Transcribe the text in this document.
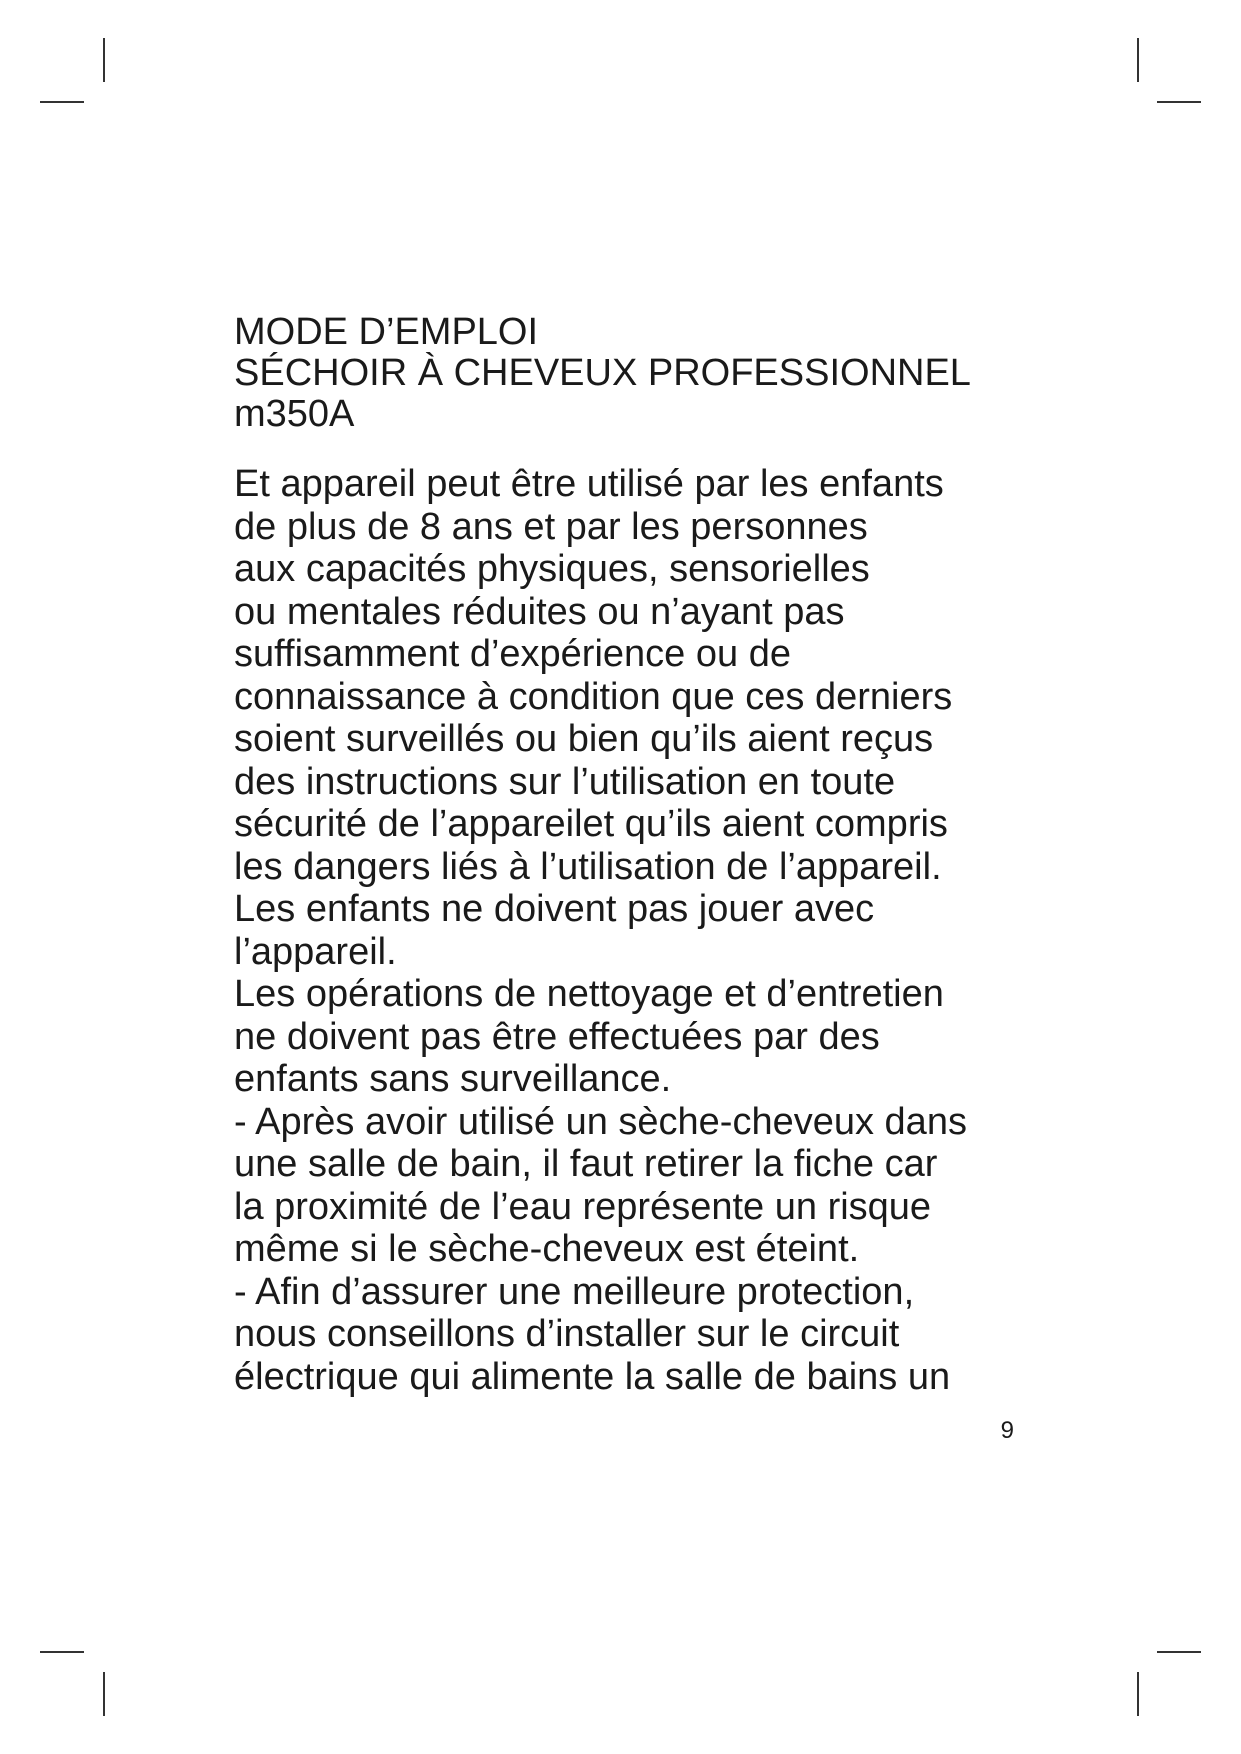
MODE D’EMPLOI
SÉCHOIR À CHEVEUX PROFESSIONNEL
m350A
Et appareil peut être utilisé par les enfants
de plus de 8 ans et par les personnes
aux capacités physiques, sensorielles
ou mentales réduites ou n’ayant pas
suffisamment d’expérience ou de
connaissance à condition que ces derniers
soient surveillés ou bien qu’ils aient reçus
des instructions sur l’utilisation en toute
sécurité de l’appareilet qu’ils aient compris
les dangers liés à l’utilisation de l’appareil.
Les enfants ne doivent pas jouer avec
l’appareil.
Les opérations de nettoyage et d’entretien
ne doivent pas être effectuées par des
enfants sans surveillance.
- Après avoir utilisé un sèche-cheveux dans
une salle de bain, il faut retirer la fiche car
la proximité de l’eau représente un risque
même si le sèche-cheveux est éteint.
- Afin d’assurer une meilleure protection,
nous conseillons d’installer sur le circuit
électrique qui alimente la salle de bains un
9
